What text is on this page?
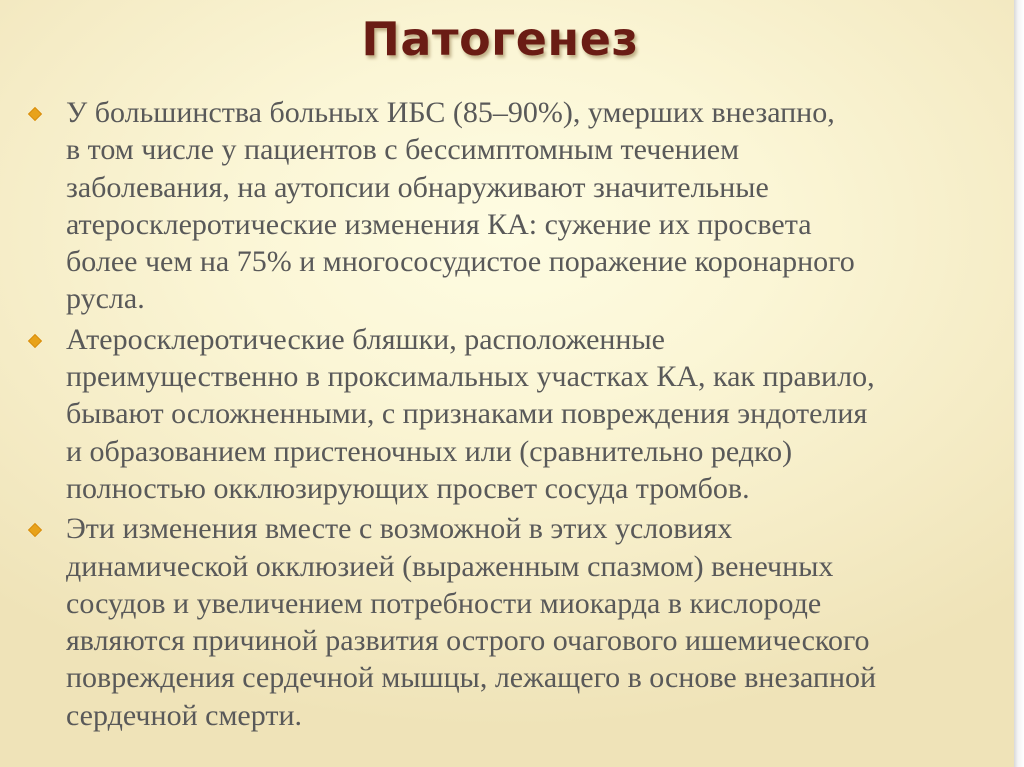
Патогенез
У большинства больных ИБС (85–90%), умерших внезапно,
в том числе у пациентов с бессимптомным течением
заболевания, на аутопсии обнаруживают значительные
атеросклеротические изменения КА: сужение их просвета
более чем на 75% и многососудистое поражение коронарного
русла.
Атеросклеротические бляшки, расположенные
преимущественно в проксимальных участках КА, как правило,
бывают осложненными, с признаками повреждения эндотелия
и образованием пристеночных или (сравнительно редко)
полностью окклюзирующих просвет сосуда тромбов.
Эти изменения вместе с возможной в этих условиях
динамической окклюзией (выраженным спазмом) венечных
сосудов и увеличением потребности миокарда в кислороде
являются причиной развития острого очагового ишемического
повреждения сердечной мышцы, лежащего в основе внезапной
сердечной смерти.
